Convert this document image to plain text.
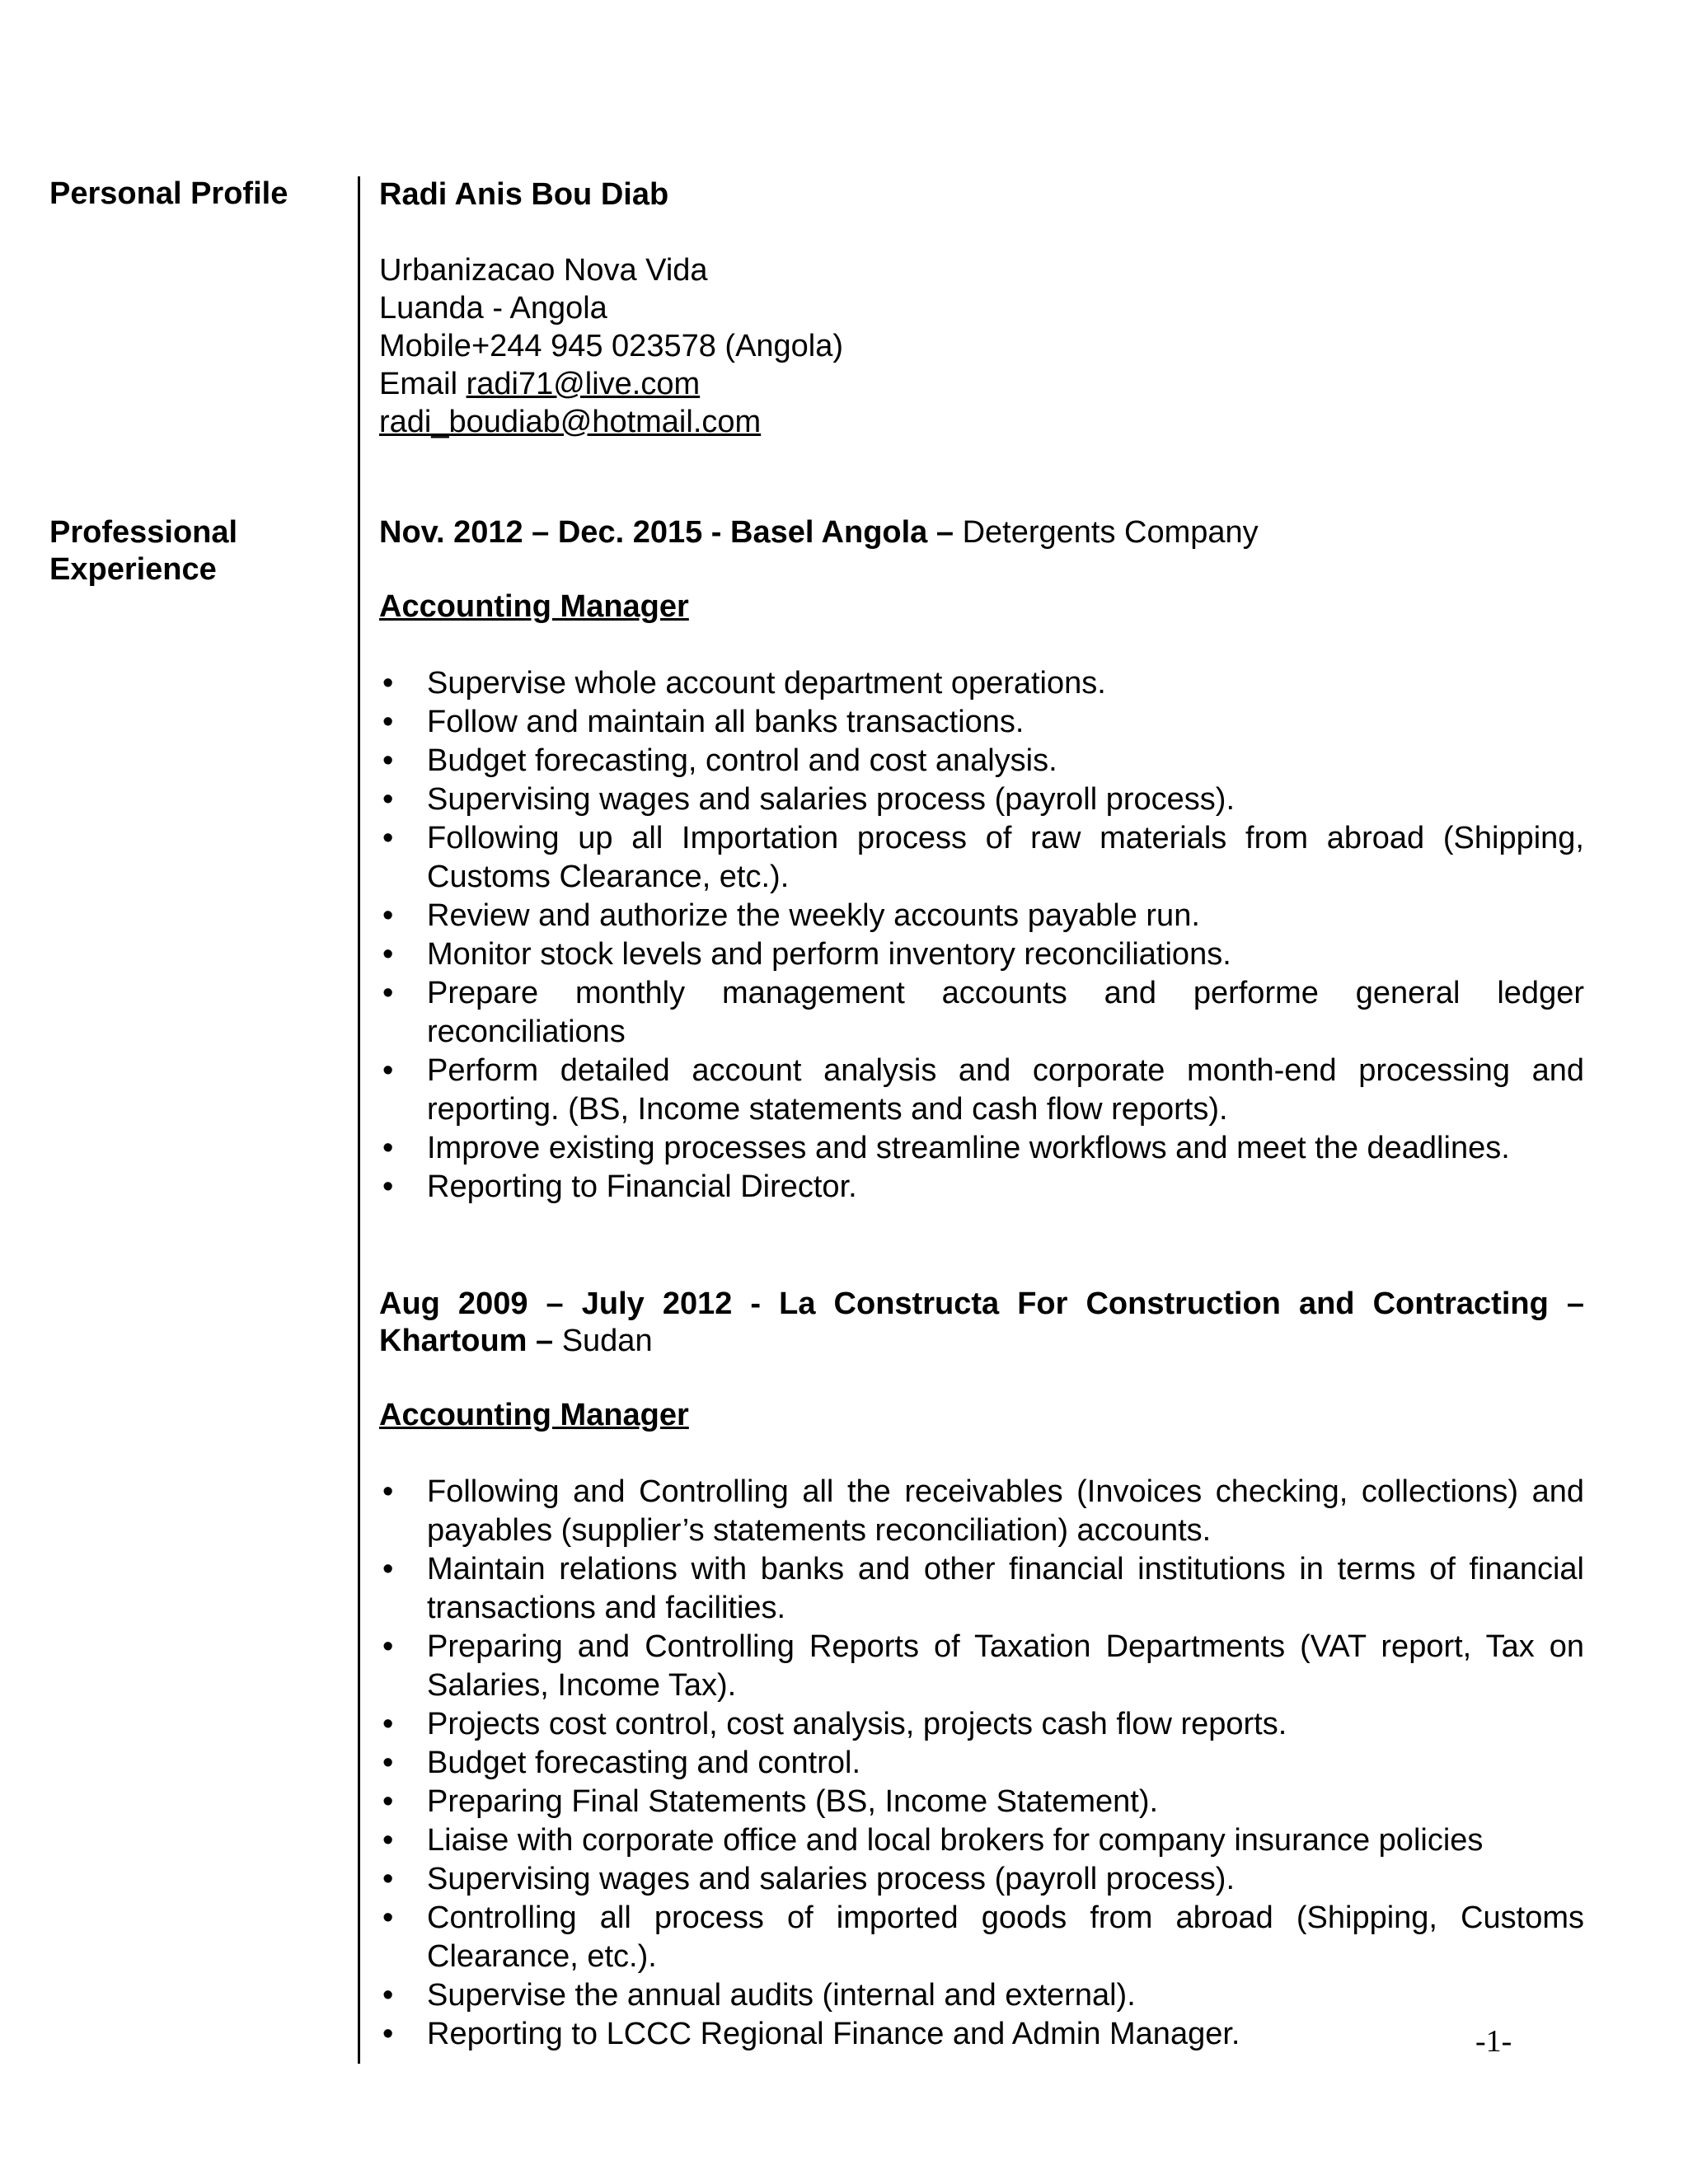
Personal Profile
Professional Experience
Radi Anis Bou Diab
Urbanizacao Nova Vida
Luanda - Angola
Mobile+244 945 023578 (Angola)
Email radi71@live.com
radi_boudiab@hotmail.com
Nov. 2012 – Dec. 2015 - Basel Angola – Detergents Company
Accounting Manager
• Supervise whole account department operations.
• Follow and maintain all banks transactions.
• Budget forecasting, control and cost analysis.
• Supervising wages and salaries process (payroll process).
• Following up all Importation process of raw materials from abroad (Shipping, Customs Clearance, etc.).
• Review and authorize the weekly accounts payable run.
• Monitor stock levels and perform inventory reconciliations.
• Prepare monthly management accounts and performe general ledger reconciliations
• Perform detailed account analysis and corporate month-end processing and reporting. (BS, Income statements and cash flow reports).
• Improve existing processes and streamline workflows and meet the deadlines.
• Reporting to Financial Director.
Aug 2009 – July 2012 - La Constructa For Construction and Contracting – Khartoum – Sudan
Accounting Manager
• Following and Controlling all the receivables (Invoices checking, collections) and payables (supplier’s statements reconciliation) accounts.
• Maintain relations with banks and other financial institutions in terms of financial transactions and facilities.
• Preparing and Controlling Reports of Taxation Departments (VAT report, Tax on Salaries, Income Tax).
• Projects cost control, cost analysis, projects cash flow reports.
• Budget forecasting and control.
• Preparing Final Statements (BS, Income Statement).
• Liaise with corporate office and local brokers for company insurance policies
• Supervising wages and salaries process (payroll process).
• Controlling all process of imported goods from abroad (Shipping, Customs Clearance, etc.).
• Supervise the annual audits (internal and external).
• Reporting to LCCC Regional Finance and Admin Manager.	-1-
